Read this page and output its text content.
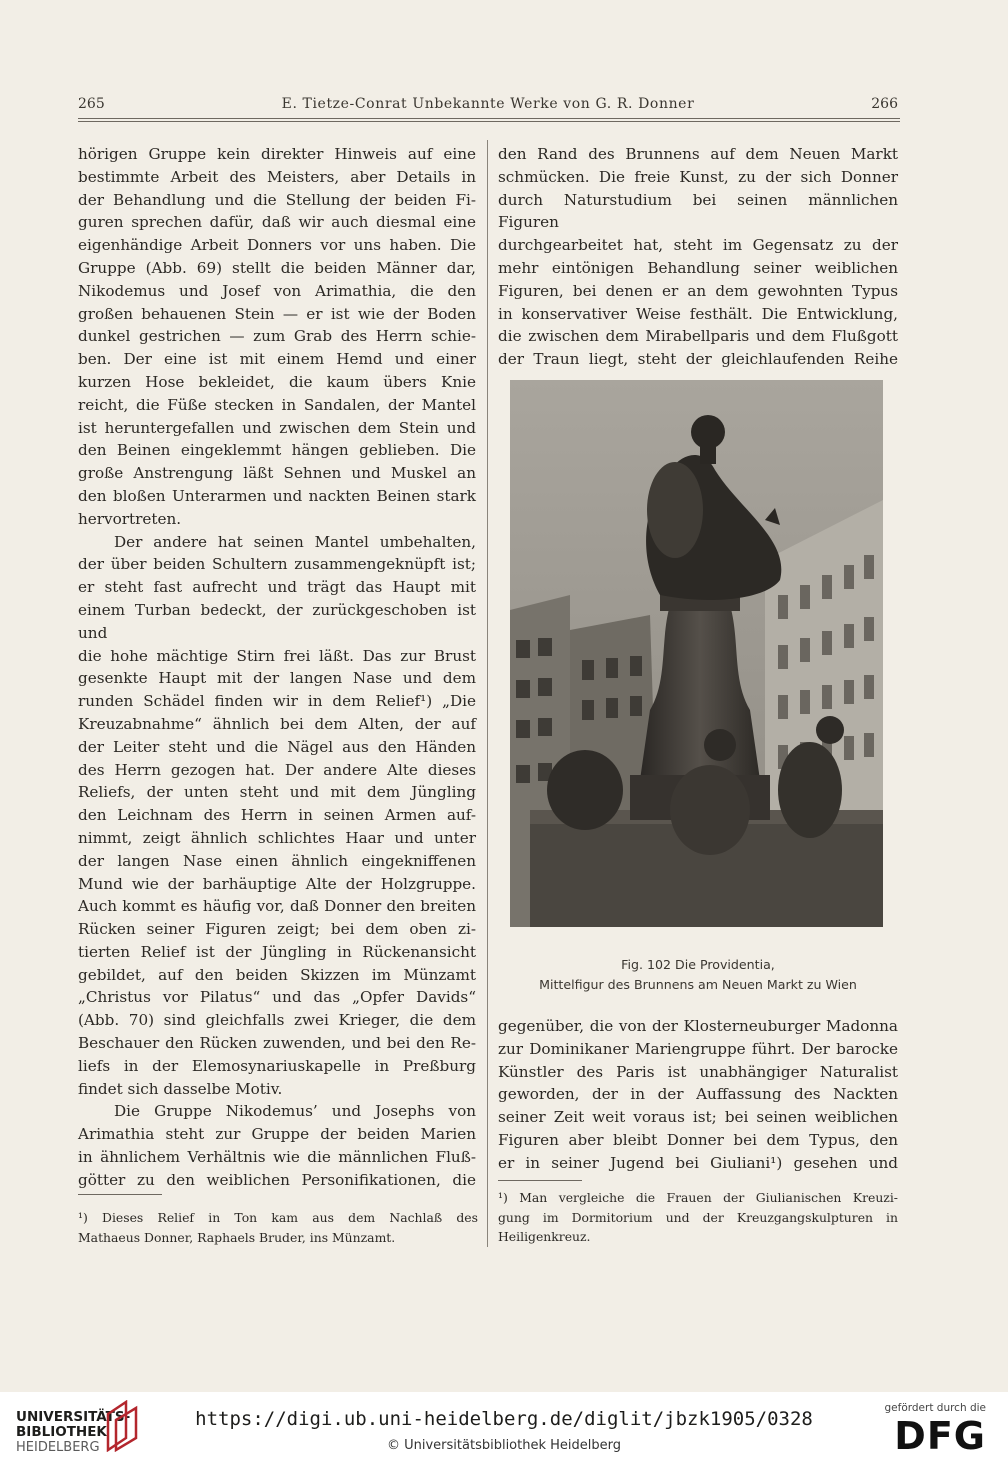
265	E. Tietze-Conrat Unbekannte Werke von G. R. Donner	266

hörigen Gruppe kein direkter Hinweis auf eine

bestimmte Arbeit des Meisters, aber Details in

der Behandlung und die Stellung der beiden Fi-

guren sprechen dafür, daß wir auch diesmal eine

eigenhändige Arbeit Donners vor uns haben. Die

Gruppe (Abb. 69) stellt die beiden Männer dar,

Nikodemus und Josef von Arimathia, die den

großen behauenen Stein — er ist wie der Boden

dunkel gestrichen — zum Grab des Herrn schie-

ben. Der eine ist mit einem Hemd und einer

kurzen Hose bekleidet, die kaum übers Knie

reicht, die Füße stecken in Sandalen, der Mantel

ist heruntergefallen und zwischen dem Stein und

den Beinen eingeklemmt hängen geblieben. Die

große Anstrengung läßt Sehnen und Muskel an

den bloßen Unterarmen und nackten Beinen stark

hervortreten.

Der andere hat seinen Mantel umbehalten,

der über beiden Schultern zusammengeknüpft ist;

er steht fast aufrecht und trägt das Haupt mit

einem Turban bedeckt, der zurückgeschoben ist und

die hohe mächtige Stirn frei läßt. Das zur Brust

gesenkte Haupt mit der langen Nase und dem

runden Schädel finden wir in dem Relief¹) „Die

Kreuzabnahme“ ähnlich bei dem Alten, der auf

der Leiter steht und die Nägel aus den Händen

des Herrn gezogen hat. Der andere Alte dieses

Reliefs, der unten steht und mit dem Jüngling

den Leichnam des Herrn in seinen Armen auf-

nimmt, zeigt ähnlich schlichtes Haar und unter

der langen Nase einen ähnlich eingekniffenen

Mund wie der barhäuptige Alte der Holzgruppe.

Auch kommt es häufig vor, daß Donner den breiten

Rücken seiner Figuren zeigt; bei dem oben zi-

tierten Relief ist der Jüngling in Rückenansicht

gebildet, auf den beiden Skizzen im Münzamt

„Christus vor Pilatus“ und das „Opfer Davids“

(Abb. 70) sind gleichfalls zwei Krieger, die dem

Beschauer den Rücken zuwenden, und bei den Re-

liefs in der Elemosynariuskapelle in Preßburg

findet sich dasselbe Motiv.

Die Gruppe Nikodemus’ und Josephs von

Arimathia steht zur Gruppe der beiden Marien

in ähnlichem Verhältnis wie die männlichen Fluß-

götter zu den weiblichen Personifikationen, die

den Rand des Brunnens auf dem Neuen Markt

schmücken. Die freie Kunst, zu der sich Donner

durch Naturstudium bei seinen männlichen Figuren

durchgearbeitet hat, steht im Gegensatz zu der

mehr eintönigen Behandlung seiner weiblichen

Figuren, bei denen er an dem gewohnten Typus

in konservativer Weise festhält. Die Entwicklung,

die zwischen dem Mirabellparis und dem Flußgott

der Traun liegt, steht der gleichlaufenden Reihe

Fig. 102 Die Providentia,
Mittelfigur des Brunnens am Neuen Markt zu Wien

gegenüber, die von der Klosterneuburger Madonna

zur Dominikaner Mariengruppe führt. Der barocke

Künstler des Paris ist unabhängiger Naturalist

geworden, der in der Auffassung des Nackten

seiner Zeit weit voraus ist; bei seinen weiblichen

Figuren aber bleibt Donner bei dem Typus, den

er in seiner Jugend bei Giuliani¹) gesehen und

¹) Dieses Relief in Ton kam aus dem Nachlaß des
Mathaeus Donner, Raphaels Bruder, ins Münzamt.
¹) Man vergleiche die Frauen der Giulianischen Kreuzi-
gung im Dormitorium und der Kreuzgangskulpturen in
Heiligenkreuz.
UNIVERSITÄTS-
BIBLIOTHEK
HEIDELBERG
https://digi.ub.uni-heidelberg.de/diglit/jbzk1905/0328
© Universitätsbibliothek Heidelberg
gefördert durch die
DFG
